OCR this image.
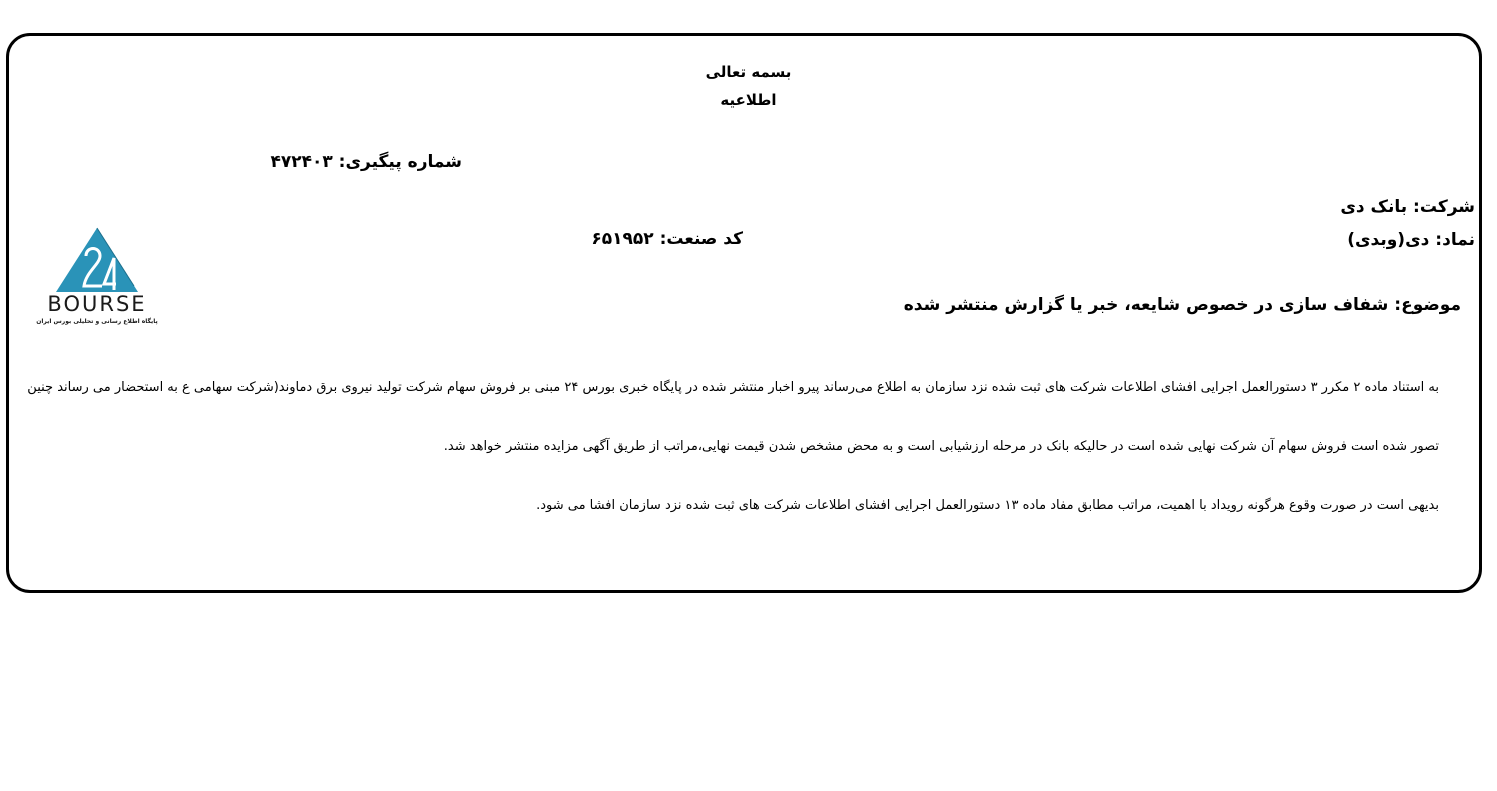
بسمه تعالی
اطلاعیه
شماره پیگیری: ۴۷۲۴۰۳
شرکت: بانک دی
نماد: دی(وبدی)
کد صنعت: ۶۵۱۹۵۲
موضوع: شفاف سازی در خصوص شایعه، خبر یا گزارش منتشر شده
به استناد ماده ۲ مکرر ۳ دستورالعمل اجرایی افشای اطلاعات شرکت های ثبت شده نزد سازمان به اطلاع می‌رساند پیرو اخبار منتشر شده در پایگاه خبری بورس ۲۴ مبنی بر فروش سهام شرکت تولید نیروی برق دماوند(شرکت سهامی ع به استحضار می رساند چنین
تصور شده است فروش سهام آن شرکت نهایی شده است در حالیکه بانک در مرحله ارزشیابی است و به محض مشخص شدن قیمت نهایی،مراتب از طریق آگهی مزایده منتشر خواهد شد.
بدیهی است در صورت وقوع هرگونه رویداد با اهمیت، مراتب مطابق مفاد ماده ۱۳ دستورالعمل اجرایی افشای اطلاعات شرکت های ثبت شده نزد سازمان افشا می شود.
BOURSE
پایگاه اطلاع رسانی و تحلیلی بورس ایران
